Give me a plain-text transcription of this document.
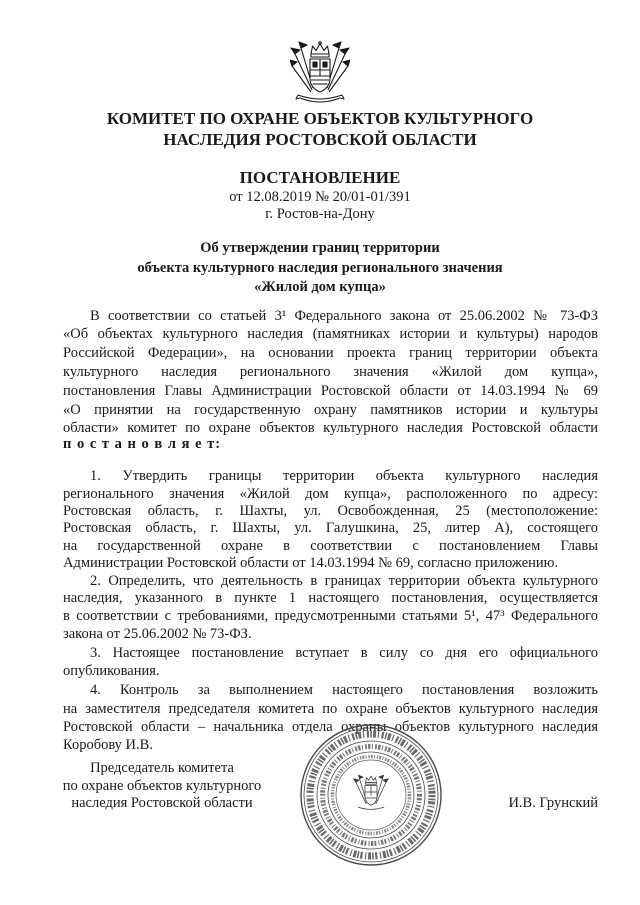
КОМИТЕТ ПО ОХРАНЕ ОБЪЕКТОВ КУЛЬТУРНОГО
НАСЛЕДИЯ РОСТОВСКОЙ ОБЛАСТИ
ПОСТАНОВЛЕНИЕ
от 12.08.2019 № 20/01-01/391
г. Ростов-на-Дону
Об утверждении границ территории
объекта культурного наследия регионального значения
«Жилой дом купца»
В соответствии со статьей 3¹ Федерального закона от 25.06.2002 № 73-ФЗ
«Об объектах культурного наследия (памятниках истории и культуры) народов
Российской Федерации», на основании проекта границ территории объекта
культурного наследия регионального значения «Жилой дом купца»,
постановления Главы Администрации Ростовской области от 14.03.1994 № 69
«О принятии на государственную охрану памятников истории и культуры
области» комитет по охране объектов культурного наследия Ростовской области
п о с т а н о в л я е т:
1. Утвердить границы территории объекта культурного наследия
регионального значения «Жилой дом купца», расположенного по адресу:
Ростовская область, г. Шахты, ул. Освобожденная, 25 (местоположение:
Ростовская область, г. Шахты, ул. Галушкина, 25, литер А), состоящего
на государственной охране в соответствии с постановлением Главы
Администрации Ростовской области от 14.03.1994 № 69, согласно приложению.
2. Определить, что деятельность в границах территории объекта культурного
наследия, указанного в пункте 1 настоящего постановления, осуществляется
в соответствии с требованиями, предусмотренными статьями 5¹, 47³ Федерального
закона от 25.06.2002 № 73-ФЗ.
3. Настоящее постановление вступает в силу со дня его официального
опубликования.
4. Контроль за выполнением настоящего постановления возложить
на заместителя председателя комитета по охране объектов культурного наследия
Ростовской области – начальника отдела охраны объектов культурного наследия
Коробову И.В.
Председатель комитета
по охране объектов культурного
наследия Ростовской области	И.В. Грунский
